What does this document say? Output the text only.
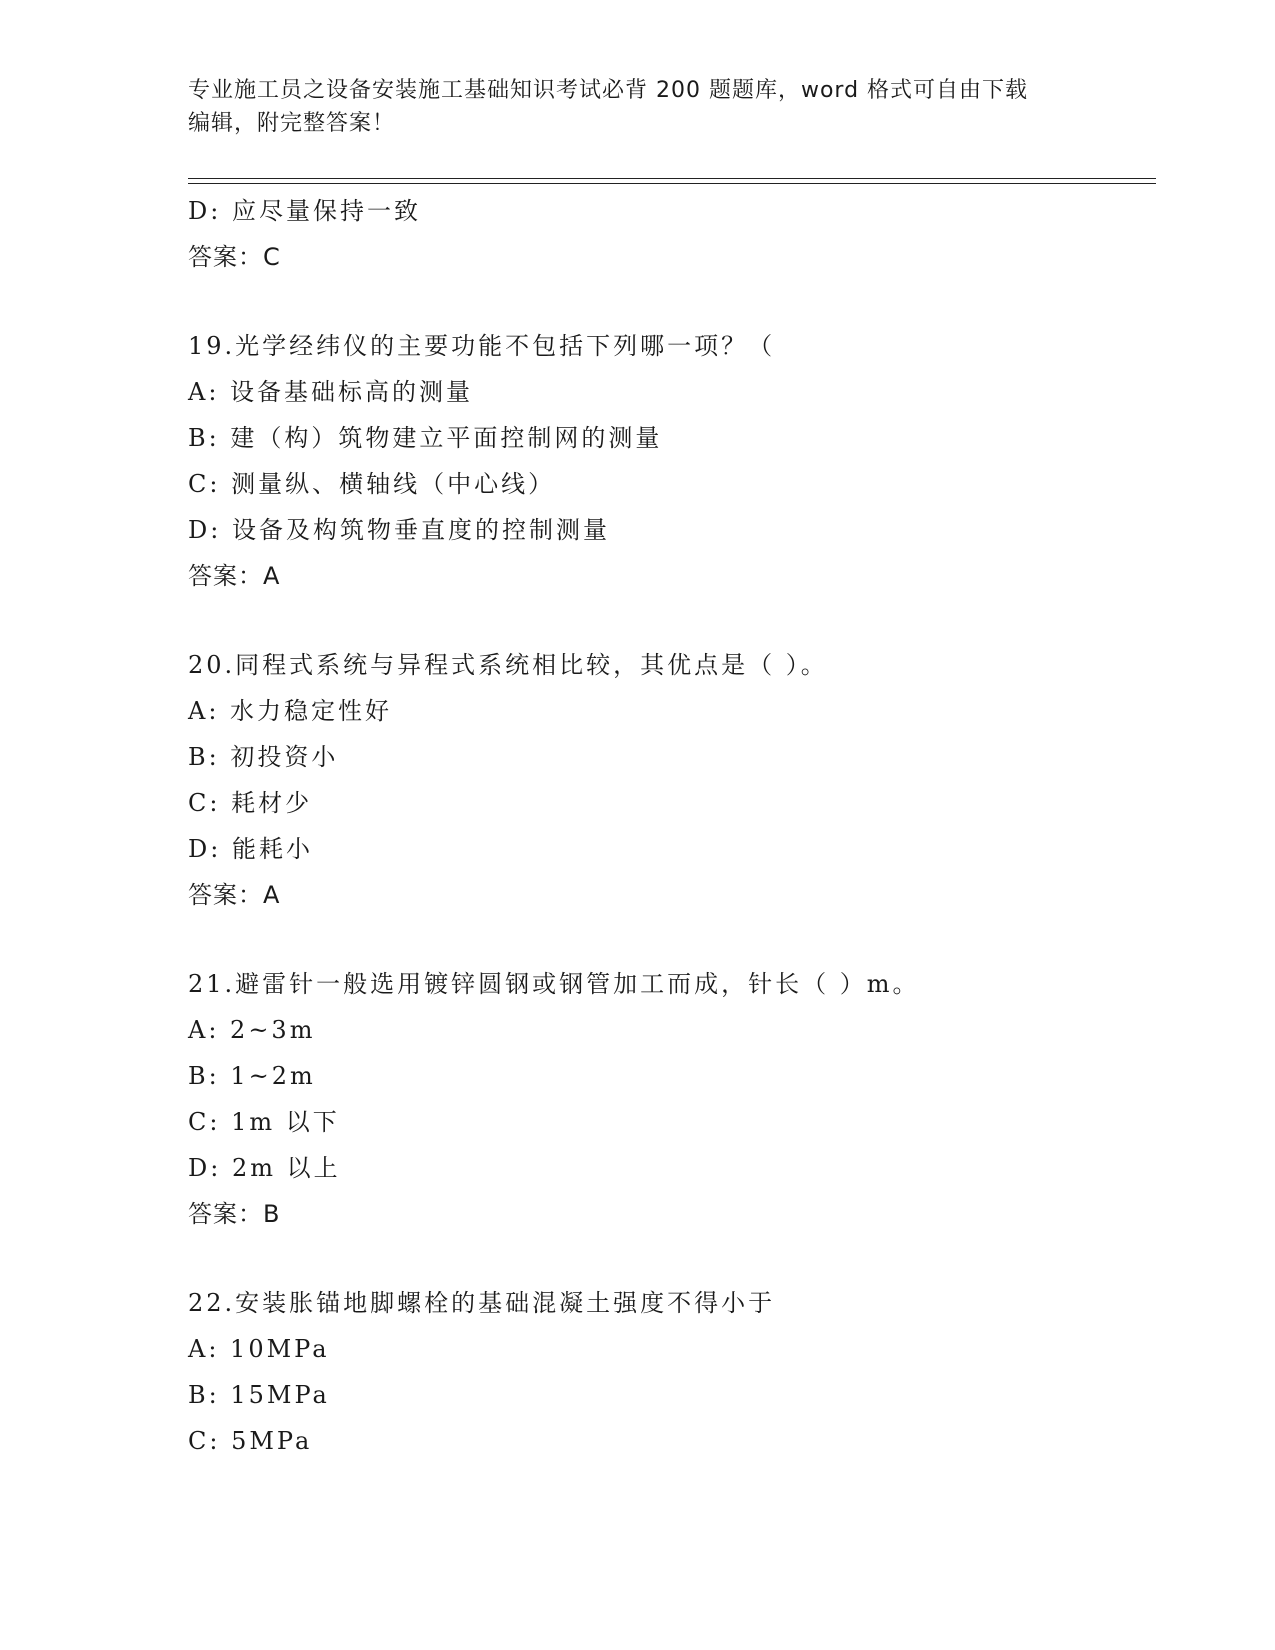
专业施工员之设备安装施工基础知识考试必背 200 题题库，word 格式可自由下载
编辑，附完整答案！
D: 应尽量保持一致
答案：C
19.光学经纬仪的主要功能不包括下列哪一项？（
A: 设备基础标高的测量
B: 建（构）筑物建立平面控制网的测量
C: 测量纵、横轴线（中心线）
D: 设备及构筑物垂直度的控制测量
答案：A
20.同程式系统与异程式系统相比较，其优点是（ ）。
A: 水力稳定性好
B: 初投资小
C: 耗材少
D: 能耗小
答案：A
21.避雷针一般选用镀锌圆钢或钢管加工而成，针长（ ）m。
A: 2~3m
B: 1~2m
C: 1m 以下
D: 2m 以上
答案：B
22.安装胀锚地脚螺栓的基础混凝土强度不得小于
A: 10MPa
B: 15MPa
C: 5MPa
